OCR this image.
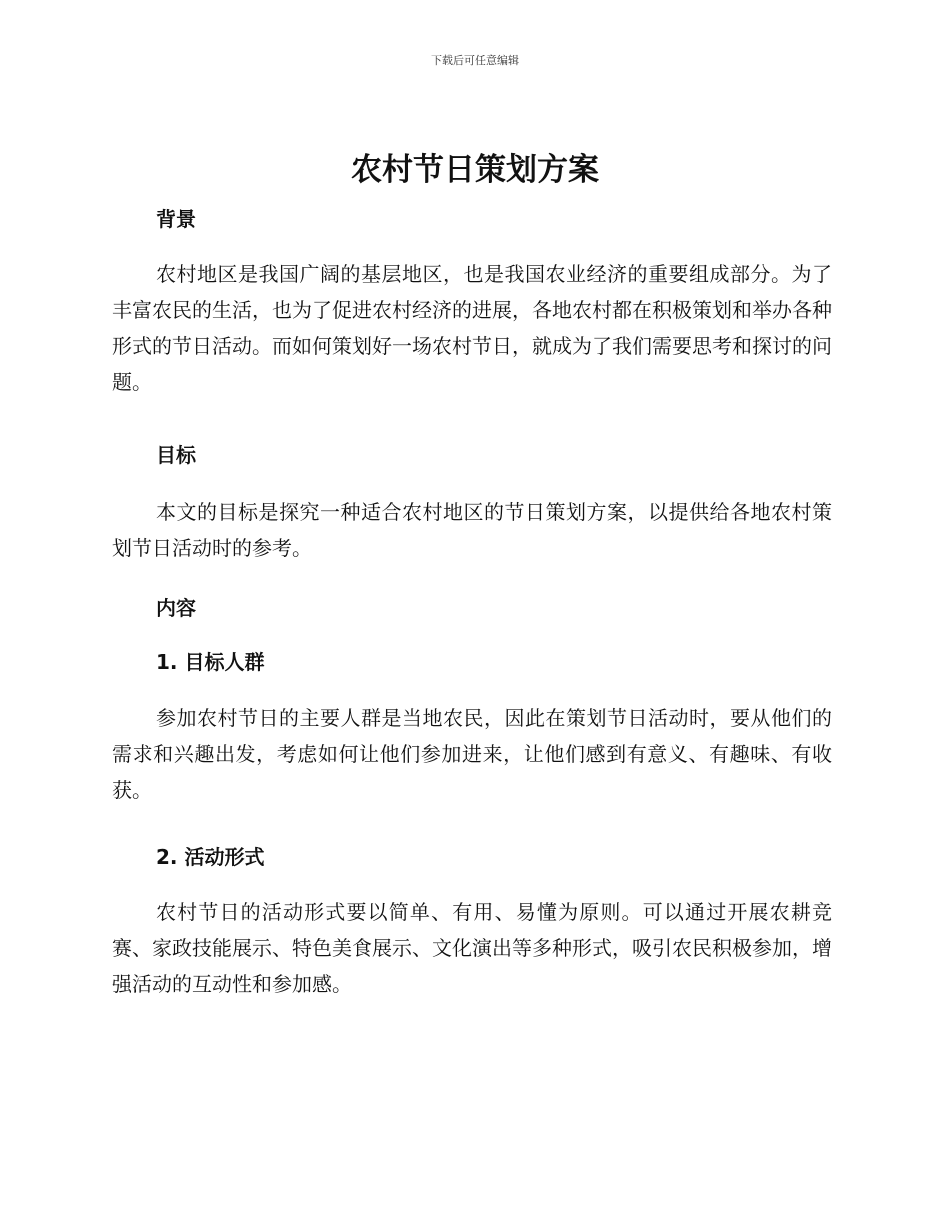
下载后可任意编辑
农村节日策划方案
背景

农村地区是我国广阔的基层地区，也是我国农业经济的重要组成部分。为了丰富农民的生活，也为了促进农村经济的进展，各地农村都在积极策划和举办各种形式的节日活动。而如何策划好一场农村节日，就成为了我们需要思考和探讨的问题。

目标

本文的目标是探究一种适合农村地区的节日策划方案，以提供给各地农村策划节日活动时的参考。

内容
1. 目标人群

参加农村节日的主要人群是当地农民，因此在策划节日活动时，要从他们的需求和兴趣出发，考虑如何让他们参加进来，让他们感到有意义、有趣味、有收获。

2. 活动形式

农村节日的活动形式要以简单、有用、易懂为原则。可以通过开展农耕竞赛、家政技能展示、特色美食展示、文化演出等多种形式，吸引农民积极参加，增强活动的互动性和参加感。
